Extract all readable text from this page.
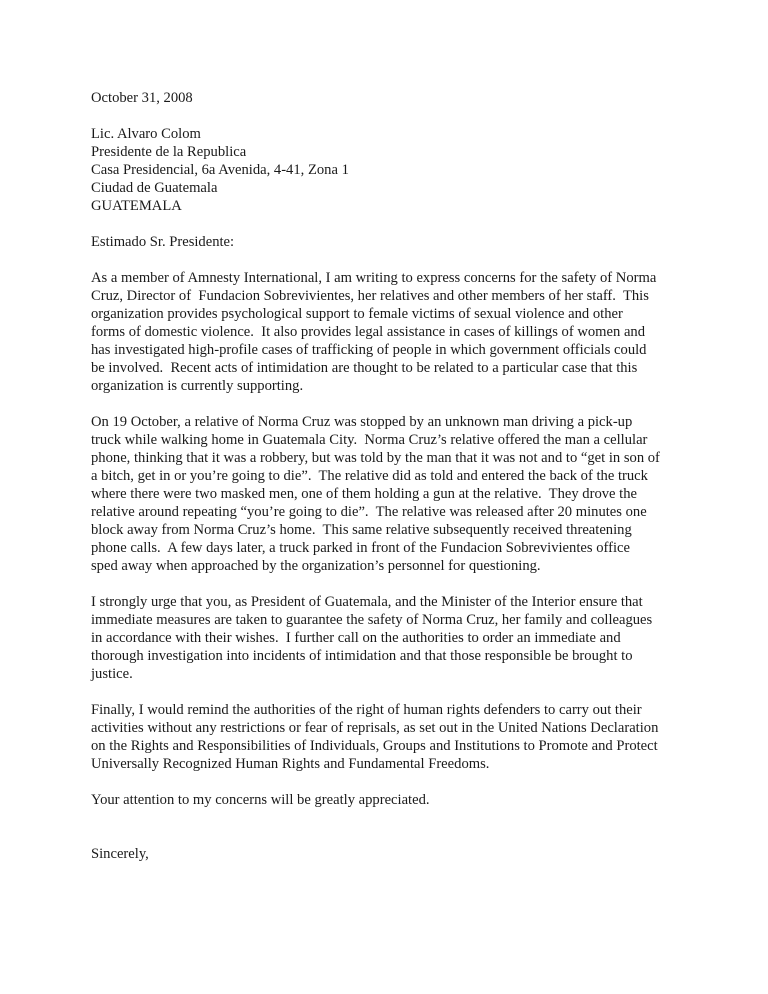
October 31, 2008
Lic. Alvaro Colom
Presidente de la Republica
Casa Presidencial, 6a Avenida, 4-41, Zona 1
Ciudad de Guatemala
GUATEMALA
Estimado Sr. Presidente:
As a member of Amnesty International, I am writing to express concerns for the safety of Norma
Cruz, Director of  Fundacion Sobrevivientes, her relatives and other members of her staff.  This
organization provides psychological support to female victims of sexual violence and other
forms of domestic violence.  It also provides legal assistance in cases of killings of women and
has investigated high-profile cases of trafficking of people in which government officials could
be involved.  Recent acts of intimidation are thought to be related to a particular case that this
organization is currently supporting.
On 19 October, a relative of Norma Cruz was stopped by an unknown man driving a pick-up
truck while walking home in Guatemala City.  Norma Cruz’s relative offered the man a cellular
phone, thinking that it was a robbery, but was told by the man that it was not and to “get in son of
a bitch, get in or you’re going to die”.  The relative did as told and entered the back of the truck
where there were two masked men, one of them holding a gun at the relative.  They drove the
relative around repeating “you’re going to die”.  The relative was released after 20 minutes one
block away from Norma Cruz’s home.  This same relative subsequently received threatening
phone calls.  A few days later, a truck parked in front of the Fundacion Sobrevivientes office
sped away when approached by the organization’s personnel for questioning.
I strongly urge that you, as President of Guatemala, and the Minister of the Interior ensure that
immediate measures are taken to guarantee the safety of Norma Cruz, her family and colleagues
in accordance with their wishes.  I further call on the authorities to order an immediate and
thorough investigation into incidents of intimidation and that those responsible be brought to
justice.
Finally, I would remind the authorities of the right of human rights defenders to carry out their
activities without any restrictions or fear of reprisals, as set out in the United Nations Declaration
on the Rights and Responsibilities of Individuals, Groups and Institutions to Promote and Protect
Universally Recognized Human Rights and Fundamental Freedoms.
Your attention to my concerns will be greatly appreciated.
Sincerely,
